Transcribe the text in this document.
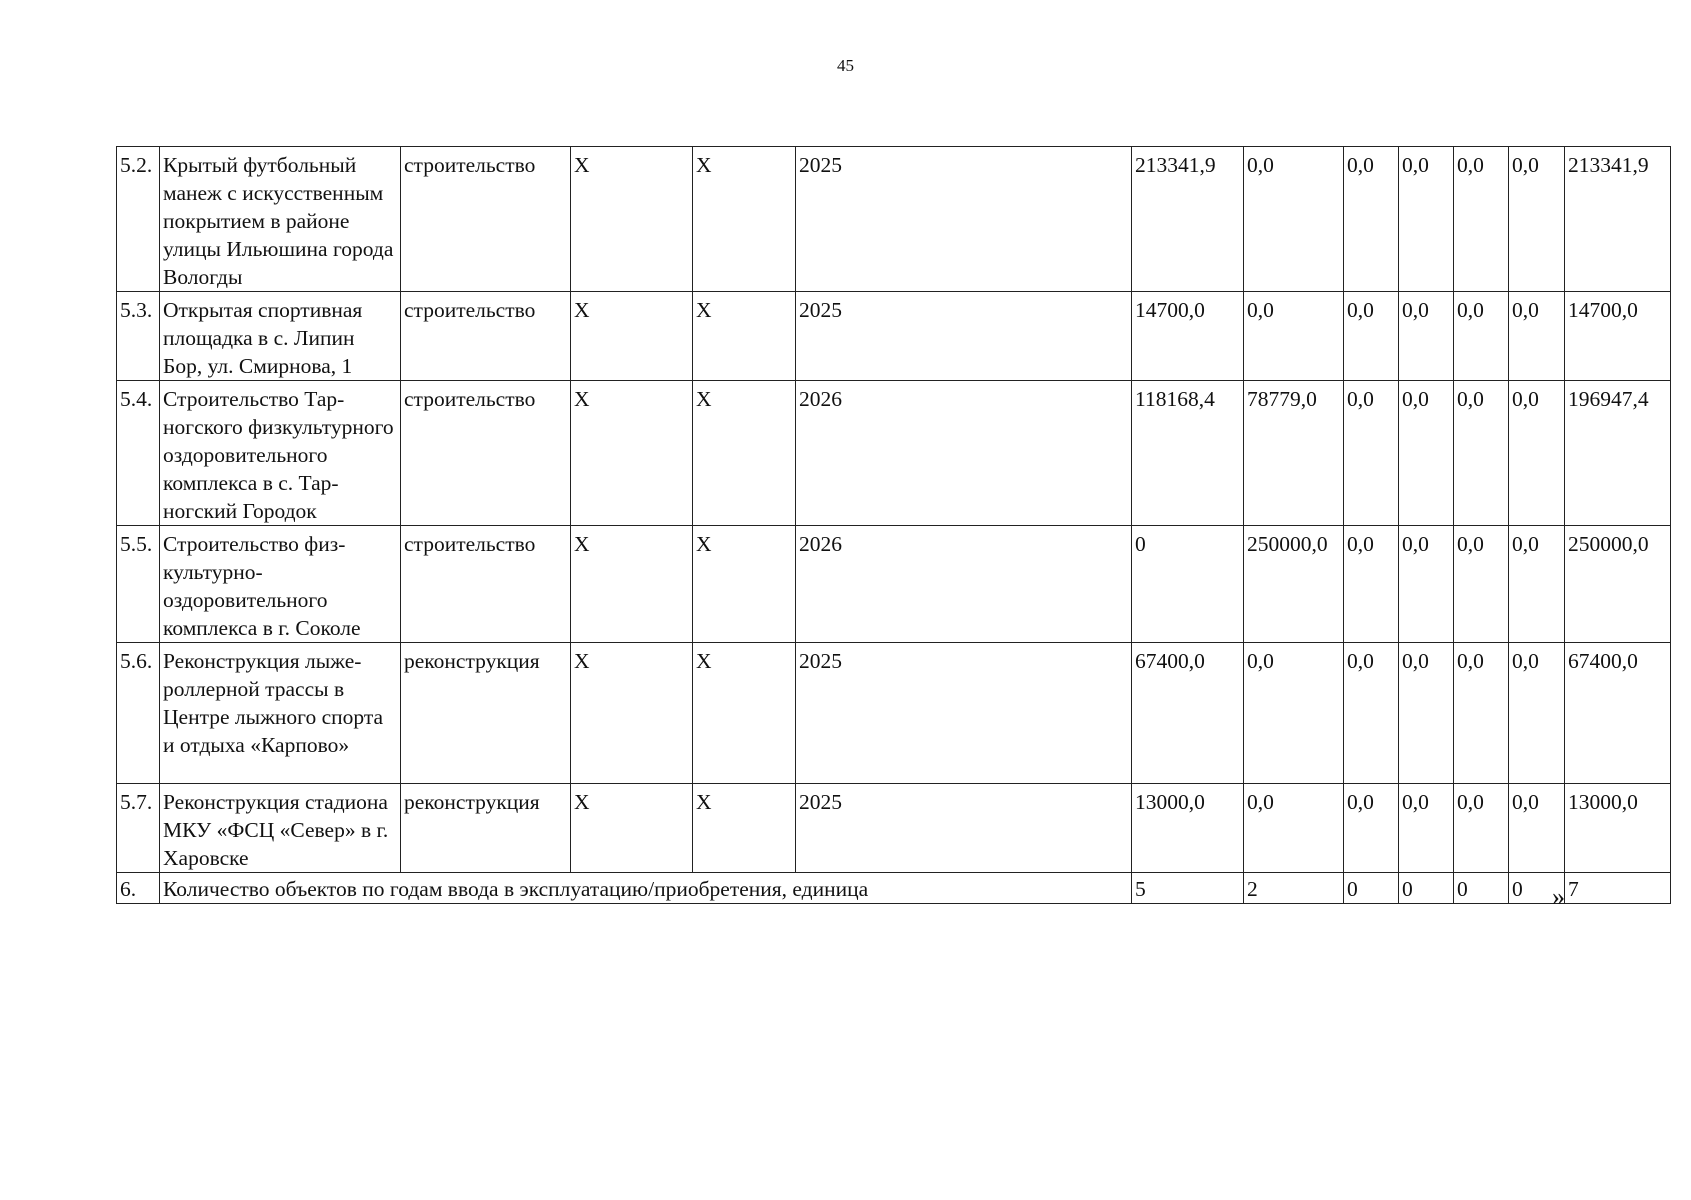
45
5.2.	Крытый футбольный манеж с искусственным покрытием в районе улицы Ильюшина города Вологды	строительство	X	X	2025	213341,9	0,0	0,0	0,0	0,0	0,0	213341,9
5.3.	Открытая спортивная площадка в с. Липин Бор, ул. Смирнова, 1	строительство	X	X	2025	14700,0	0,0	0,0	0,0	0,0	0,0	14700,0
5.4.	Строительство Тарногского физкультурного оздоровительного комплекса в с. Тарногский Городок	строительство	X	X	2026	118168,4	78779,0	0,0	0,0	0,0	0,0	196947,4
5.5.	Строительство физкультурно-оздоровительного комплекса в г. Соколе	строительство	X	X	2026	0	250000,0	0,0	0,0	0,0	0,0	250000,0
5.6.	Реконструкция лыжероллерной трассы в Центре лыжного спорта и отдыха «Карпово»	реконструкция	X	X	2025	67400,0	0,0	0,0	0,0	0,0	0,0	67400,0
5.7.	Реконструкция стадиона МКУ «ФСЦ «Север» в г. Харовске	реконструкция	X	X	2025	13000,0	0,0	0,0	0,0	0,0	0,0	13000,0
6.	Количество объектов по годам ввода в эксплуатацию/приобретения, единица					5	2	0	0	0	0	7
»
